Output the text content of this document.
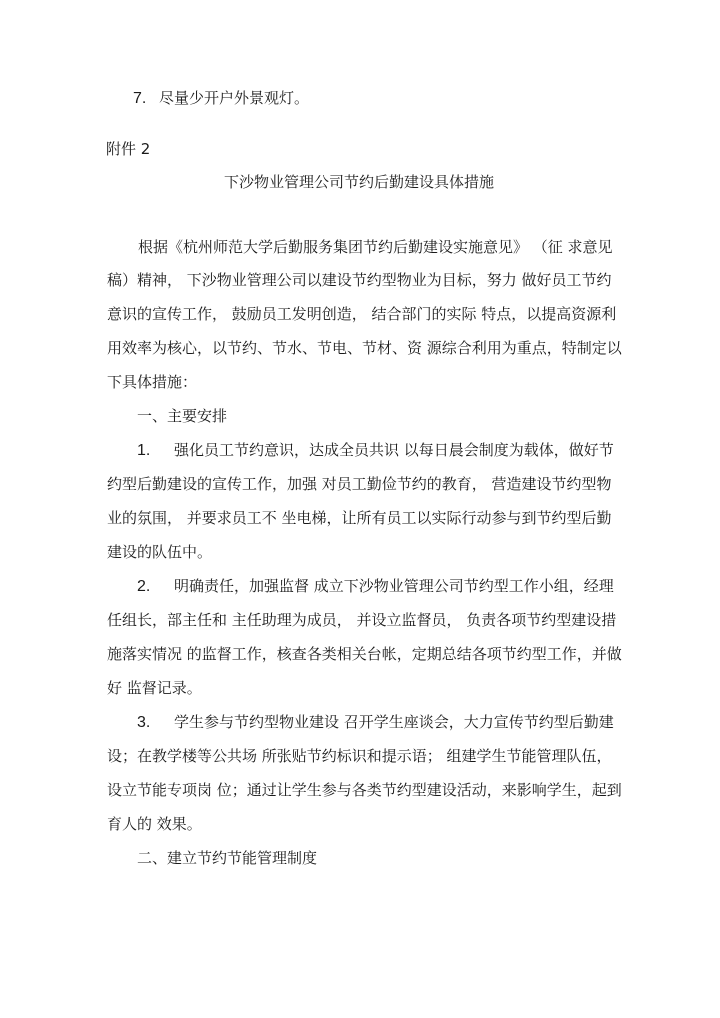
7. 尽量少开户外景观灯。
附件 2
下沙物业管理公司节约后勤建设具体措施
根据《杭州师范大学后勤服务集团节约后勤建设实施意见》 （征 求意见
稿）精神， 下沙物业管理公司以建设节约型物业为目标，努力 做好员工节约
意识的宣传工作， 鼓励员工发明创造， 结合部门的实际 特点，以提高资源利
用效率为核心，以节约、节水、节电、节材、资 源综合利用为重点，特制定以
下具体措施：
一、主要安排
1. 强化员工节约意识，达成全员共识 以每日晨会制度为载体，做好节
约型后勤建设的宣传工作，加强 对员工勤俭节约的教育， 营造建设节约型物
业的氛围， 并要求员工不 坐电梯，让所有员工以实际行动参与到节约型后勤
建设的队伍中。
2. 明确责任，加强监督 成立下沙物业管理公司节约型工作小组，经理
任组长，部主任和 主任助理为成员， 并设立监督员， 负责各项节约型建设措
施落实情况 的监督工作，核查各类相关台帐，定期总结各项节约型工作，并做
好 监督记录。
3. 学生参与节约型物业建设 召开学生座谈会，大力宣传节约型后勤建
设；在教学楼等公共场 所张贴节约标识和提示语； 组建学生节能管理队伍，
设立节能专项岗 位；通过让学生参与各类节约型建设活动，来影响学生，起到
育人的 效果。
二、建立节约节能管理制度
